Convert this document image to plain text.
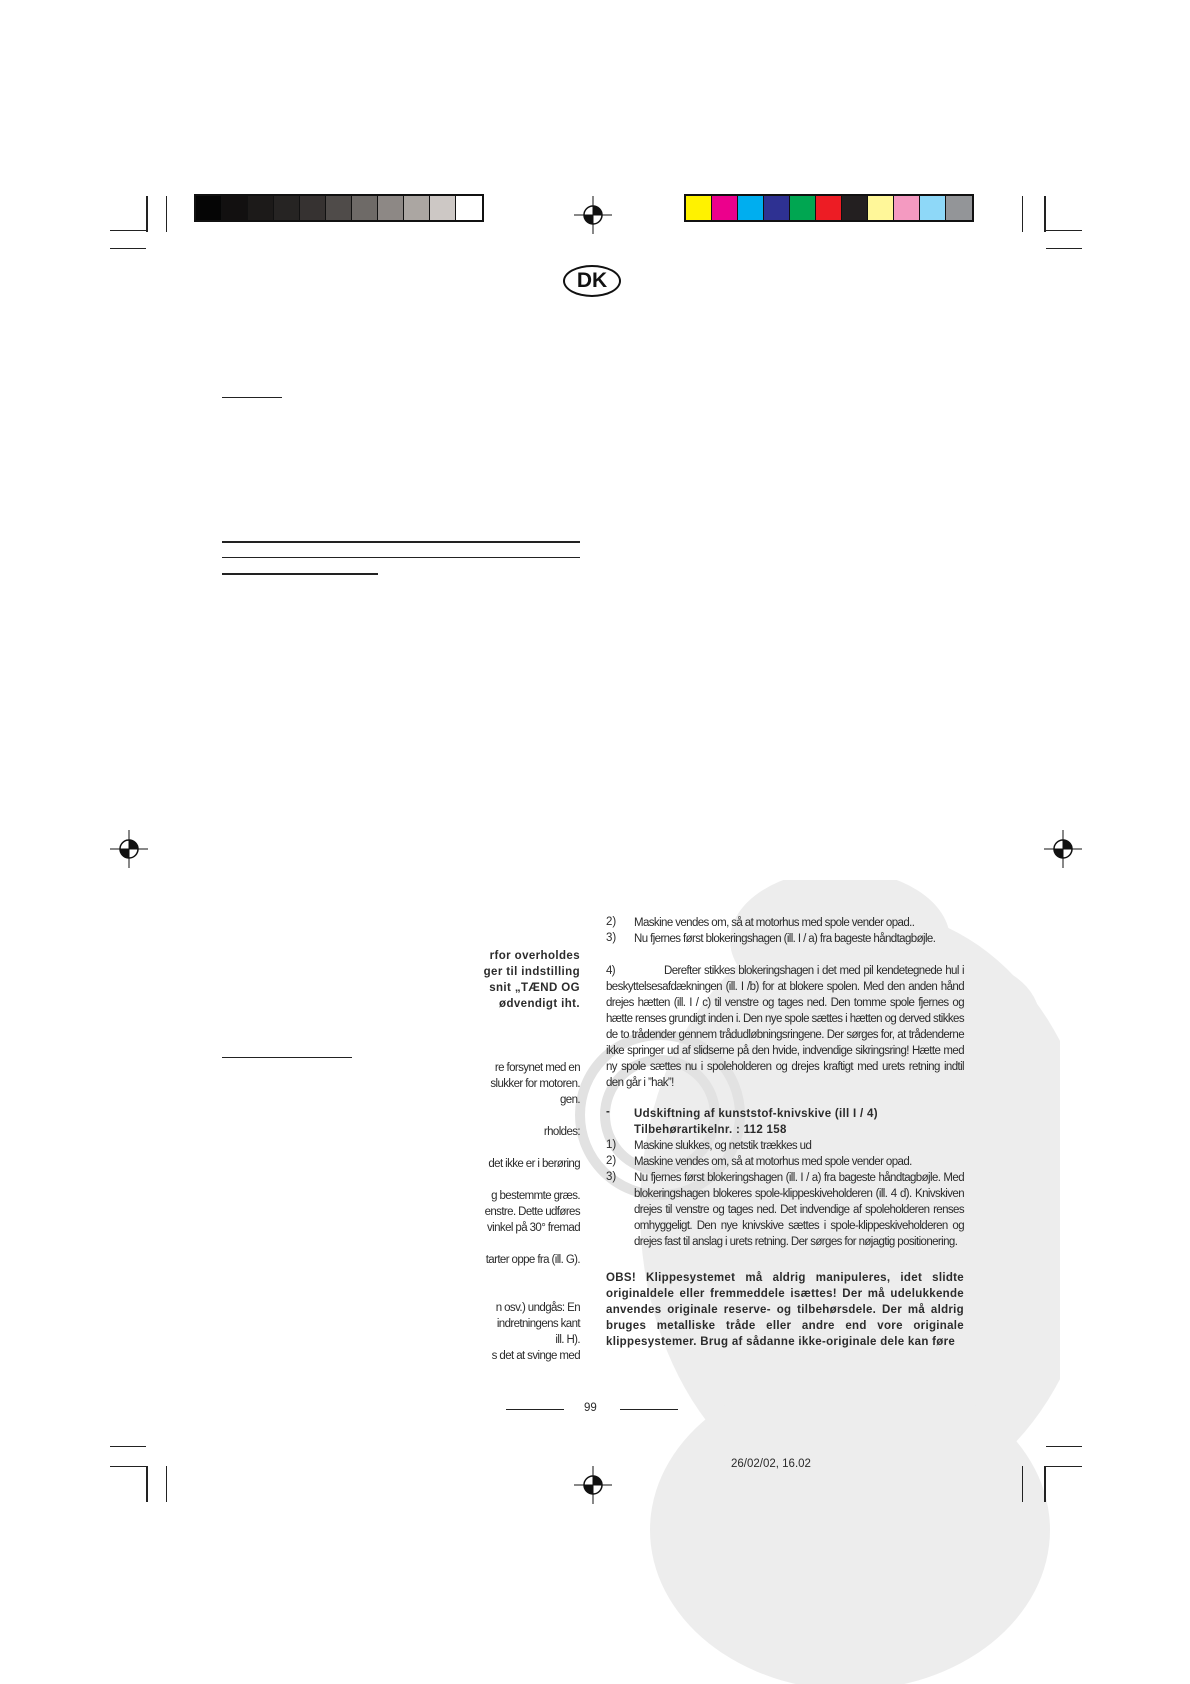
DK
rfor overholdes
ger til indstilling
snit „TÆND OG
ødvendigt iht.
re forsynet med en
slukker for motoren.
gen.
rholdes:
det ikke er i berøring
g bestemmte græs.
enstre. Dette udføres
vinkel på 30° fremad
tarter oppe fra (ill. G).
n osv.) undgås: En
indretningens kant
ill. H).
s det at svinge med
2) Maskine vendes om, så at motorhus med spole vender opad..
3) Nu fjernes først blokeringshagen (ill. I / a) fra bageste håndtagbøjle.
4)	Derefter stikkes blokeringshagen i det med pil kendetegnede hul i beskyttelsesafdækningen (ill. I /b) for at blokere spolen. Med den anden hånd drejes hætten (ill. I / c) til venstre og tages ned. Den tomme spole fjernes og hætte renses grundigt inden i. Den nye spole sættes i hætten og derved stikkes de to trådender gennem trådudløbningsringene. Der sørges for, at trådenderne ikke springer ud af slidserne på den hvide, indvendige sikringsring! Hætte med ny spole sættes nu i spoleholderen og drejes kraftigt med urets retning indtil den går i ”hak”!
- Udskiftning af kunststof-knivskive (ill I / 4)
Tilbehørartikelnr. : 112 158
1) Maskine slukkes, og netstik trækkes ud
2) Maskine vendes om, så at motorhus med spole vender opad.
3) Nu fjernes først blokeringshagen (ill. I / a) fra bageste håndtagbøjle. Med blokeringshagen blokeres spole-klippeskiveholderen (ill. 4 d). Knivskiven drejes til venstre og tages ned. Det indvendige af spoleholderen renses omhyggeligt. Den nye knivskive sættes i spole-klippeskiveholderen og drejes fast til anslag i urets retning. Der sørges for nøjagtig positionering.
OBS! Klippesystemet må aldrig manipuleres, idet slidte originaldele eller fremmeddele isættes! Der må udelukkende anvendes originale reserve- og tilbehørsdele. Der må aldrig bruges metalliske tråde eller andre end vore originale klippesystemer. Brug af sådanne ikke-originale dele kan føre
99
26/02/02, 16.02
